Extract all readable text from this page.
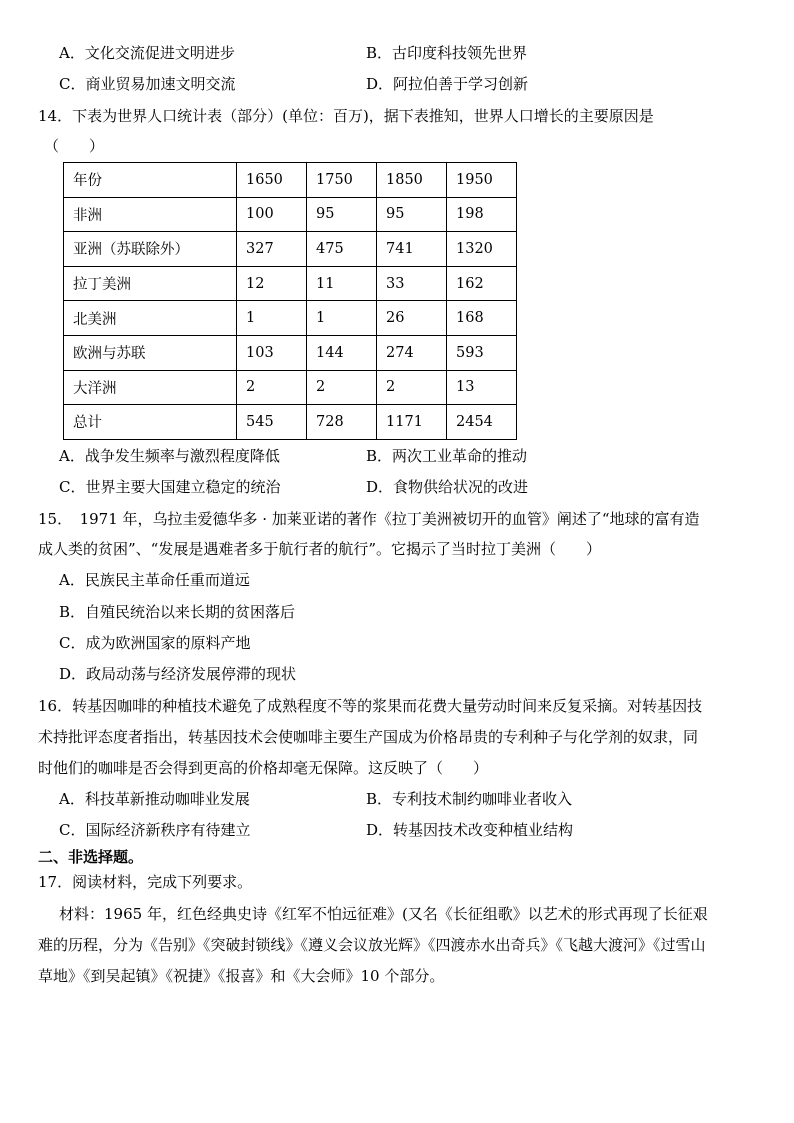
A．文化交流促进文明进步	B．古印度科技领先世界
C．商业贸易加速文明交流	D．阿拉伯善于学习创新
14．下表为世界人口统计表（部分）(单位：百万)，据下表推知，世界人口增长的主要原因是
（　　）
年份	1650	1750	1850	1950
非洲	100	95	95	198
亚洲（苏联除外）	327	475	741	1320
拉丁美洲	12	11	33	162
北美洲	1	1	26	168
欧洲与苏联	103	144	274	593
大洋洲	2	2	2	13
总计	545	728	1171	2454
A．战争发生频率与激烈程度降低	B．两次工业革命的推动
C．世界主要大国建立稳定的统治	D．食物供给状况的改进
15．　1971 年，乌拉圭爱德华多 · 加莱亚诺的著作《拉丁美洲被切开的血管》阐述了“地球的富有造
成人类的贫困”、“发展是遇难者多于航行者的航行”。它揭示了当时拉丁美洲（　　）
A．民族民主革命任重而道远
B．自殖民统治以来长期的贫困落后
C．成为欧洲国家的原料产地
D．政局动荡与经济发展停滞的现状
16．转基因咖啡的种植技术避免了成熟程度不等的浆果而花费大量劳动时间来反复采摘。对转基因技
术持批评态度者指出，转基因技术会使咖啡主要生产国成为价格昂贵的专利种子与化学剂的奴隶，同
时他们的咖啡是否会得到更高的价格却毫无保障。这反映了（　　）
A．科技革新推动咖啡业发展	B．专利技术制约咖啡业者收入
C．国际经济新秩序有待建立	D．转基因技术改变种植业结构
二、非选择题。
17．阅读材料，完成下列要求。
材料：1965 年，红色经典史诗《红军不怕远征难》(又名《长征组歌》以艺术的形式再现了长征艰
难的历程，分为《告别》《突破封锁线》《遵义会议放光辉》《四渡赤水出奇兵》《飞越大渡河》《过雪山
草地》《到吴起镇》《祝捷》《报喜》和《大会师》10 个部分。
